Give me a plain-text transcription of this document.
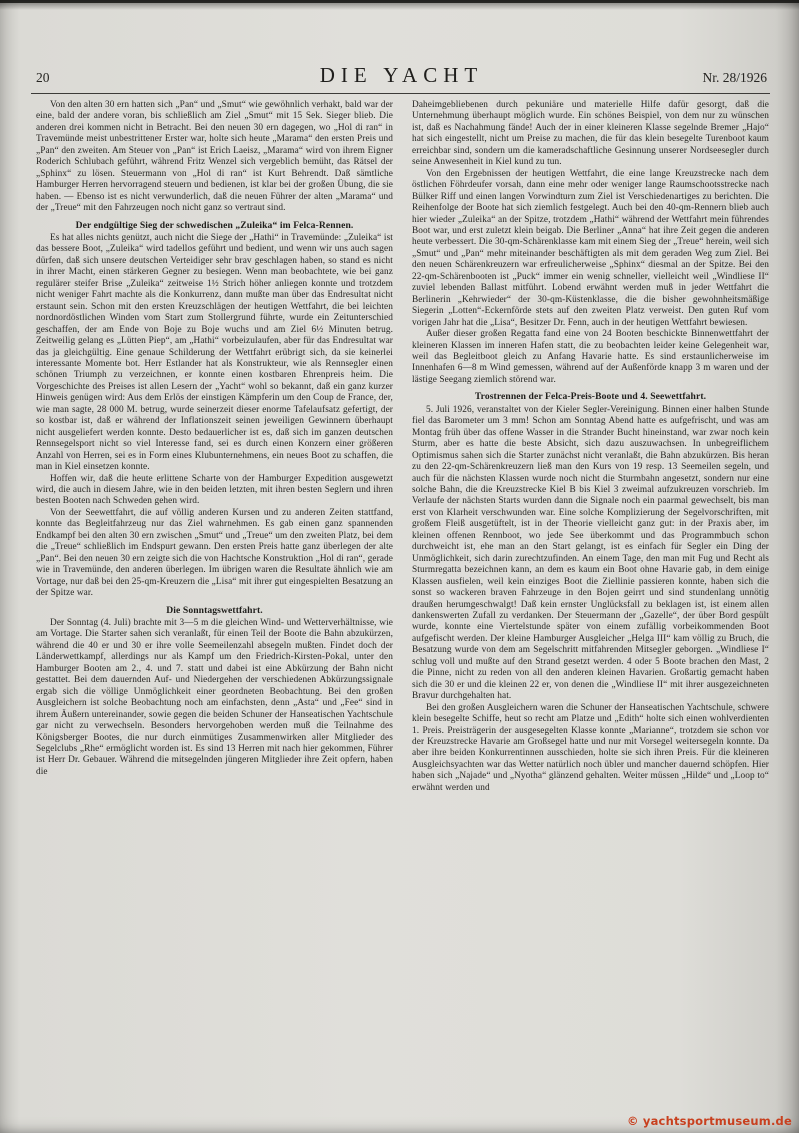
20	DIE YACHT	Nr. 28/1926

Von den alten 30 ern hatten sich „Pan“ und „Smut“ wie gewöhnlich verhakt, bald war der eine, bald der andere voran, bis schließlich am Ziel „Smut“ mit 15 Sek. Sieger blieb. Die anderen drei kommen nicht in Betracht. Bei den neuen 30 ern dagegen, wo „Hol di ran“ in Travemünde meist unbestrittener Erster war, holte sich heute „Marama“ den ersten Preis und „Pan“ den zweiten. Am Steuer von „Pan“ ist Erich Laeisz, „Marama“ wird von ihrem Eigner Roderich Schlubach geführt, während Fritz Wenzel sich vergeblich bemüht, das Rätsel der „Sphinx“ zu lösen. Steuermann von „Hol di ran“ ist Kurt Behrendt. Daß sämtliche Hamburger Herren hervorragend steuern und bedienen, ist klar bei der großen Übung, die sie haben. — Ebenso ist es nicht verwunderlich, daß die neuen Führer der alten „Marama“ und der „Treue“ mit den Fahrzeugen noch nicht ganz so vertraut sind.

Der endgültige Sieg der schwedischen „Zuleika“ im Felca-Rennen.

Es hat alles nichts genützt, auch nicht die Siege der „Hathi“ in Travemünde: „Zuleika“ ist das bessere Boot, „Zuleika“ wird tadellos geführt und bedient, und wenn wir uns auch sagen dürfen, daß sich unsere deutschen Verteidiger sehr brav geschlagen haben, so stand es nicht in ihrer Macht, einen stärkeren Gegner zu besiegen. Wenn man beobachtete, wie bei ganz regulärer steifer Brise „Zuleika“ zeitweise 1½ Strich höher anliegen konnte und trotzdem nicht weniger Fahrt machte als die Konkurrenz, dann mußte man über das Endresultat nicht erstaunt sein. Schon mit den ersten Kreuzschlägen der heutigen Wettfahrt, die bei leichten nordnordöstlichen Winden vom Start zum Stollergrund führte, wurde ein Zeitunterschied geschaffen, der am Ende von Boje zu Boje wuchs und am Ziel 6½ Minuten betrug. Zeitweilig gelang es „Lütten Piep“, am „Hathi“ vorbeizulaufen, aber für das Endresultat war das ja gleichgültig. Eine genaue Schilderung der Wettfahrt erübrigt sich, da sie keinerlei interessante Momente bot. Herr Estlander hat als Konstrukteur, wie als Rennsegler einen schönen Triumph zu verzeichnen, er konnte einen kostbaren Ehrenpreis heim. Die Vorgeschichte des Preises ist allen Lesern der „Yacht“ wohl so bekannt, daß ein ganz kurzer Hinweis genügen wird: Aus dem Erlös der einstigen Kämpferin um den Coup de France, der, wie man sagte, 28 000 M. betrug, wurde seinerzeit dieser enorme Tafelaufsatz gefertigt, der so kostbar ist, daß er während der Inflationszeit seinen jeweiligen Gewinnern überhaupt nicht ausgeliefert werden konnte. Desto bedauerlicher ist es, daß sich im ganzen deutschen Rennsegelsport nicht so viel Interesse fand, sei es durch einen Konzern einer größeren Anzahl von Herren, sei es in Form eines Klubunternehmens, ein neues Boot zu schaffen, die man in Kiel einsetzen konnte.

Hoffen wir, daß die heute erlittene Scharte von der Hamburger Expedition ausgewetzt wird, die auch in diesem Jahre, wie in den beiden letzten, mit ihren besten Seglern und ihren besten Booten nach Schweden gehen wird.

Von der Seewettfahrt, die auf völlig anderen Kursen und zu anderen Zeiten stattfand, konnte das Begleitfahrzeug nur das Ziel wahrnehmen. Es gab einen ganz spannenden Endkampf bei den alten 30 ern zwischen „Smut“ und „Treue“ um den zweiten Platz, bei dem die „Treue“ schließlich im Endspurt gewann. Den ersten Preis hatte ganz überlegen der alte „Pan“. Bei den neuen 30 ern zeigte sich die von Hachtsche Konstruktion „Hol di ran“, gerade wie in Travemünde, den anderen überlegen. Im übrigen waren die Resultate ähnlich wie am Vortage, nur daß bei den 25-qm-Kreuzern die „Lisa“ mit ihrer gut eingespielten Besatzung an der Spitze war.

Die Sonntagswettfahrt.

Der Sonntag (4. Juli) brachte mit 3—5 m die gleichen Wind- und Wetterverhältnisse, wie am Vortage. Die Starter sahen sich veranlaßt, für einen Teil der Boote die Bahn abzukürzen, während die 40 er und 30 er ihre volle Seemeilenzahl absegeln mußten. Findet doch der Länderwettkampf, allerdings nur als Kampf um den Friedrich-Kirsten-Pokal, unter den Hamburger Booten am 2., 4. und 7. statt und dabei ist eine Abkürzung der Bahn nicht gestattet. Bei dem dauernden Auf- und Niedergehen der verschiedenen Abkürzungssignale ergab sich die völlige Unmöglichkeit einer geordneten Beobachtung. Bei den großen Ausgleichern ist solche Beobachtung noch am einfachsten, denn „Asta“ und „Fee“ sind in ihrem Äußern untereinander, sowie gegen die beiden Schuner der Hanseatischen Yachtschule gar nicht zu verwechseln. Besonders hervorgehoben werden muß die Teilnahme des Königsberger Bootes, die nur durch einmütiges Zusammenwirken aller Mitglieder des Segelclubs „Rhe“ ermöglicht worden ist. Es sind 13 Herren mit nach hier gekommen, Führer ist Herr Dr. Gebauer. Während die mitsegelnden jüngeren Mitglieder ihre Zeit opfern, haben die

Daheimgebliebenen durch pekuniäre und materielle Hilfe dafür gesorgt, daß die Unternehmung überhaupt möglich wurde. Ein schönes Beispiel, von dem nur zu wünschen ist, daß es Nachahmung fände! Auch der in einer kleineren Klasse segelnde Bremer „Hajo“ hat sich eingestellt, nicht um Preise zu machen, die für das klein besegelte Turenboot kaum erreichbar sind, sondern um die kameradschaftliche Gesinnung unserer Nordseesegler durch seine Anwesenheit in Kiel kund zu tun.

Von den Ergebnissen der heutigen Wettfahrt, die eine lange Kreuzstrecke nach dem östlichen Föhrdeufer vorsah, dann eine mehr oder weniger lange Raumschootsstrecke nach Bülker Riff und einen langen Vorwindturn zum Ziel ist Verschiedenartiges zu berichten. Die Reihenfolge der Boote hat sich ziemlich festgelegt. Auch bei den 40-qm-Rennern blieb auch hier wieder „Zuleika“ an der Spitze, trotzdem „Hathi“ während der Wettfahrt mein führendes Boot war, und erst zuletzt klein beigab. Die Berliner „Anna“ hat ihre Zeit gegen die anderen heute verbessert. Die 30-qm-Schärenklasse kam mit einem Sieg der „Treue“ herein, weil sich „Smut“ und „Pan“ mehr miteinander beschäftigten als mit dem geraden Weg zum Ziel. Bei den neuen Schärenkreuzern war erfreulicherweise „Sphinx“ diesmal an der Spitze. Bei den 22-qm-Schärenbooten ist „Puck“ immer ein wenig schneller, vielleicht weil „Windliese II“ zuviel lebenden Ballast mitführt. Lobend erwähnt werden muß in jeder Wettfahrt die Berlinerin „Kehrwieder“ der 30-qm-Küstenklasse, die die bisher gewohnheitsmäßige Siegerin „Lotten“-Eckernförde stets auf den zweiten Platz verweist. Den guten Ruf vom vorigen Jahr hat die „Lisa“, Besitzer Dr. Fenn, auch in der heutigen Wettfahrt bewiesen.

Außer dieser großen Regatta fand eine von 24 Booten beschickte Binnenwettfahrt der kleineren Klassen im inneren Hafen statt, die zu beobachten leider keine Gelegenheit war, weil das Begleitboot gleich zu Anfang Havarie hatte. Es sind erstaunlicherweise im Innenhafen 6—8 m Wind gemessen, während auf der Außenförde knapp 3 m waren und der lästige Seegang ziemlich störend war.

Trostrennen der Felca-Preis-Boote und 4. Seewettfahrt.

5. Juli 1926, veranstaltet von der Kieler Segler-Vereinigung. Binnen einer halben Stunde fiel das Barometer um 3 mm! Schon am Sonntag Abend hatte es aufgefrischt, und was am Montag früh über das offene Wasser in die Strander Bucht hineinstand, war zwar noch kein Sturm, aber es hatte die beste Absicht, sich dazu auszuwachsen. In unbegreiflichem Optimismus sahen sich die Starter zunächst nicht veranlaßt, die Bahn abzukürzen. Bis heran zu den 22-qm-Schärenkreuzern ließ man den Kurs von 19 resp. 13 Seemeilen segeln, und auch für die nächsten Klassen wurde noch nicht die Sturmbahn angesetzt, sondern nur eine solche Bahn, die die Kreuzstrecke Kiel B bis Kiel 3 zweimal aufzukreuzen vorschrieb. Im Verlaufe der nächsten Starts wurden dann die Signale noch ein paarmal gewechselt, bis man erst von Klarheit verschwunden war. Eine solche Komplizierung der Segelvorschriften, mit großem Fleiß ausgetüftelt, ist in der Theorie vielleicht ganz gut: in der Praxis aber, im kleinen offenen Rennboot, wo jede See überkommt und das Programmbuch schon durchweicht ist, ehe man an den Start gelangt, ist es einfach für Segler ein Ding der Unmöglichkeit, sich darin zurechtzufinden. An einem Tage, den man mit Fug und Recht als Sturmregatta bezeichnen kann, an dem es kaum ein Boot ohne Havarie gab, in dem einige Klassen ausfielen, weil kein einziges Boot die Ziellinie passieren konnte, haben sich die sonst so wackeren braven Fahrzeuge in den Bojen geirrt und sind stundenlang unnötig draußen herumgeschwalgt! Daß kein ernster Unglücksfall zu beklagen ist, ist einem allen dankenswerten Zufall zu verdanken. Der Steuermann der „Gazelle“, der über Bord gespült wurde, konnte eine Viertelstunde später von einem zufällig vorbeikommenden Boot aufgefischt werden. Der kleine Hamburger Ausgleicher „Helga III“ kam völlig zu Bruch, die Besatzung wurde von dem am Segelschritt mitfahrenden Mitsegler geborgen. „Windliese I“ schlug voll und mußte auf den Strand gesetzt werden. 4 oder 5 Boote brachen den Mast, 2 die Pinne, nicht zu reden von all den anderen kleinen Havarien. Großartig gemacht haben sich die 30 er und die kleinen 22 er, von denen die „Windliese II“ mit ihrer ausgezeichneten Bravur durchgehalten hat.

Bei den großen Ausgleichern waren die Schuner der Hanseatischen Yachtschule, schwere klein besegelte Schiffe, heut so recht am Platze und „Edith“ holte sich einen wohlverdienten 1. Preis. Preisträgerin der ausgesegelten Klasse konnte „Marianne“, trotzdem sie schon vor der Kreuzstrecke Havarie am Großsegel hatte und nur mit Vorsegel weitersegeln konnte. Da aber ihre beiden Konkurrentinnen ausschieden, holte sie sich ihren Preis. Für die kleineren Ausgleichsyachten war das Wetter natürlich noch übler und mancher dauernd schöpfen. Hier haben sich „Najade“ und „Nyotha“ glänzend gehalten. Weiter müssen „Hilde“ und „Loop to“ erwähnt werden und

© yachtsportmuseum.de
